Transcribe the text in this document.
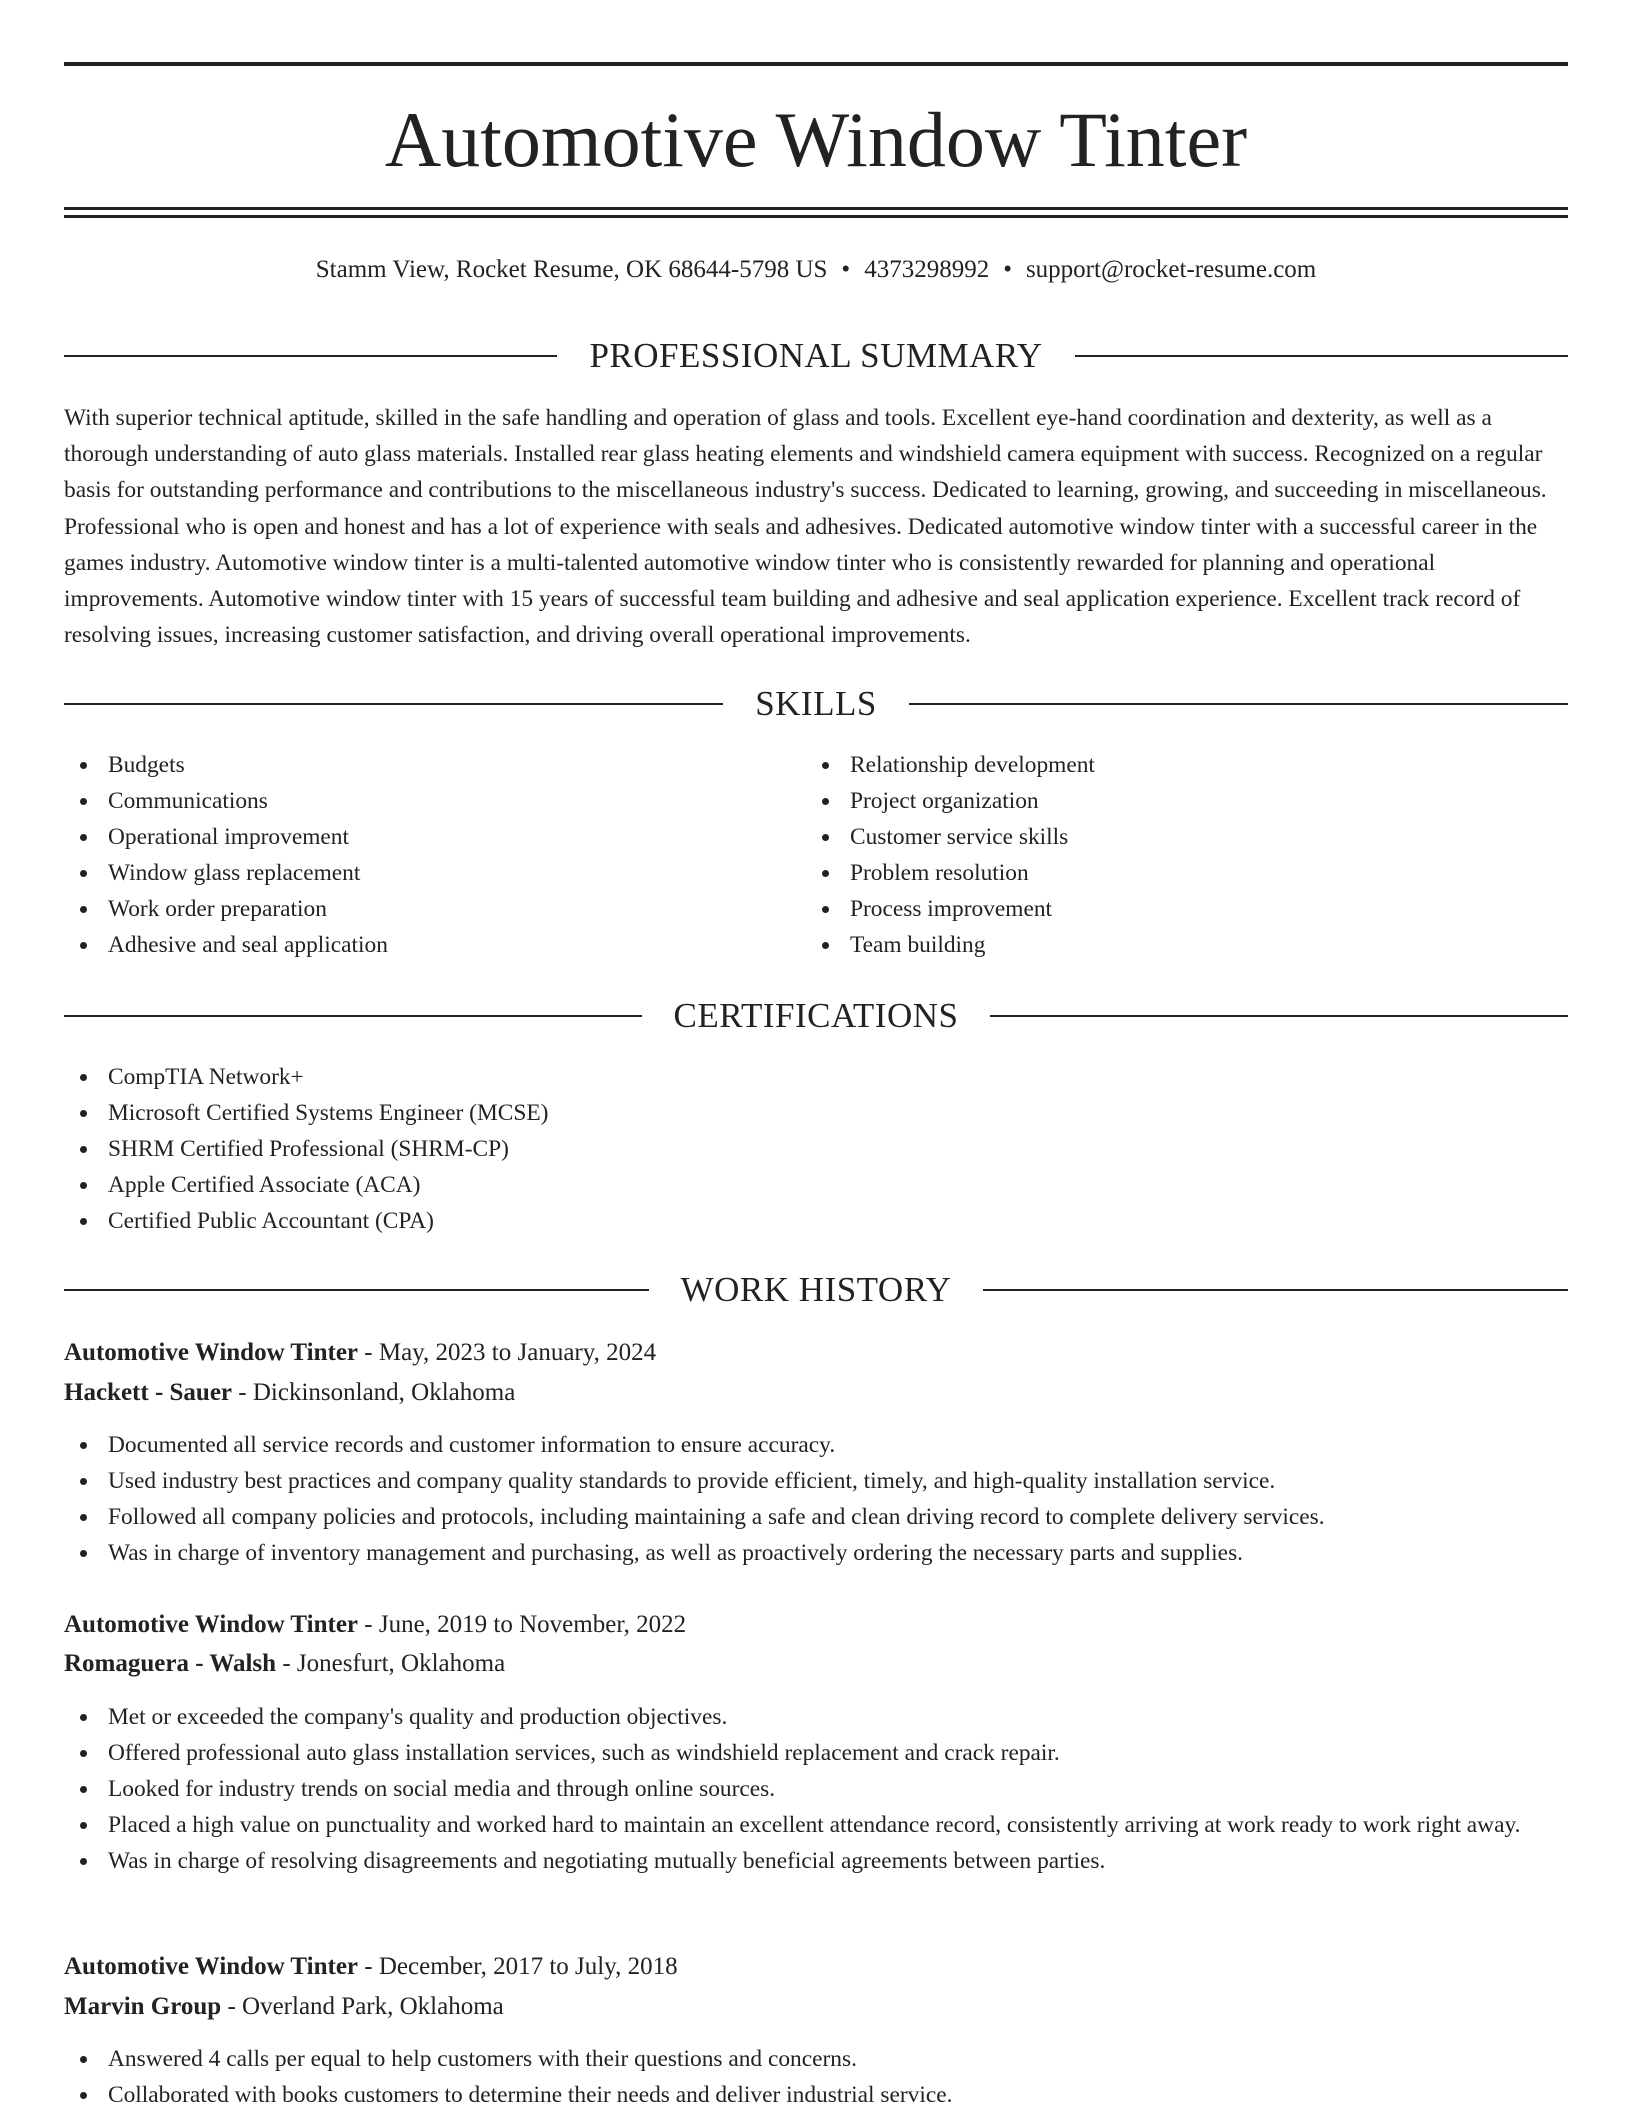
Automotive Window Tinter
Stamm View, Rocket Resume, OK 68644-5798 US • 4373298992 • support@rocket-resume.com
PROFESSIONAL SUMMARY

With superior technical aptitude, skilled in the safe handling and operation of glass and tools. Excellent eye-hand coordination and dexterity, as well as a thorough understanding of auto glass materials. Installed rear glass heating elements and windshield camera equipment with success. Recognized on a regular basis for outstanding performance and contributions to the miscellaneous industry's success. Dedicated to learning, growing, and succeeding in miscellaneous. Professional who is open and honest and has a lot of experience with seals and adhesives. Dedicated automotive window tinter with a successful career in the games industry. Automotive window tinter is a multi-talented automotive window tinter who is consistently rewarded for planning and operational improvements. Automotive window tinter with 15 years of successful team building and adhesive and seal application experience. Excellent track record of resolving issues, increasing customer satisfaction, and driving overall operational improvements.

SKILLS
Budgets
Communications
Operational improvement
Window glass replacement
Work order preparation
Adhesive and seal application
Relationship development
Project organization
Customer service skills
Problem resolution
Process improvement
Team building
CERTIFICATIONS
CompTIA Network+
Microsoft Certified Systems Engineer (MCSE)
SHRM Certified Professional (SHRM-CP)
Apple Certified Associate (ACA)
Certified Public Accountant (CPA)
WORK HISTORY
Automotive Window Tinter - May, 2023 to January, 2024
Hackett - Sauer - Dickinsonland, Oklahoma
Documented all service records and customer information to ensure accuracy.
Used industry best practices and company quality standards to provide efficient, timely, and high-quality installation service.
Followed all company policies and protocols, including maintaining a safe and clean driving record to complete delivery services.
Was in charge of inventory management and purchasing, as well as proactively ordering the necessary parts and supplies.
Automotive Window Tinter - June, 2019 to November, 2022
Romaguera - Walsh - Jonesfurt, Oklahoma
Met or exceeded the company's quality and production objectives.
Offered professional auto glass installation services, such as windshield replacement and crack repair.
Looked for industry trends on social media and through online sources.
Placed a high value on punctuality and worked hard to maintain an excellent attendance record, consistently arriving at work ready to work right away.
Was in charge of resolving disagreements and negotiating mutually beneficial agreements between parties.
Automotive Window Tinter - December, 2017 to July, 2018
Marvin Group - Overland Park, Oklahoma
Answered 4 calls per equal to help customers with their questions and concerns.
Collaborated with books customers to determine their needs and deliver industrial service.
